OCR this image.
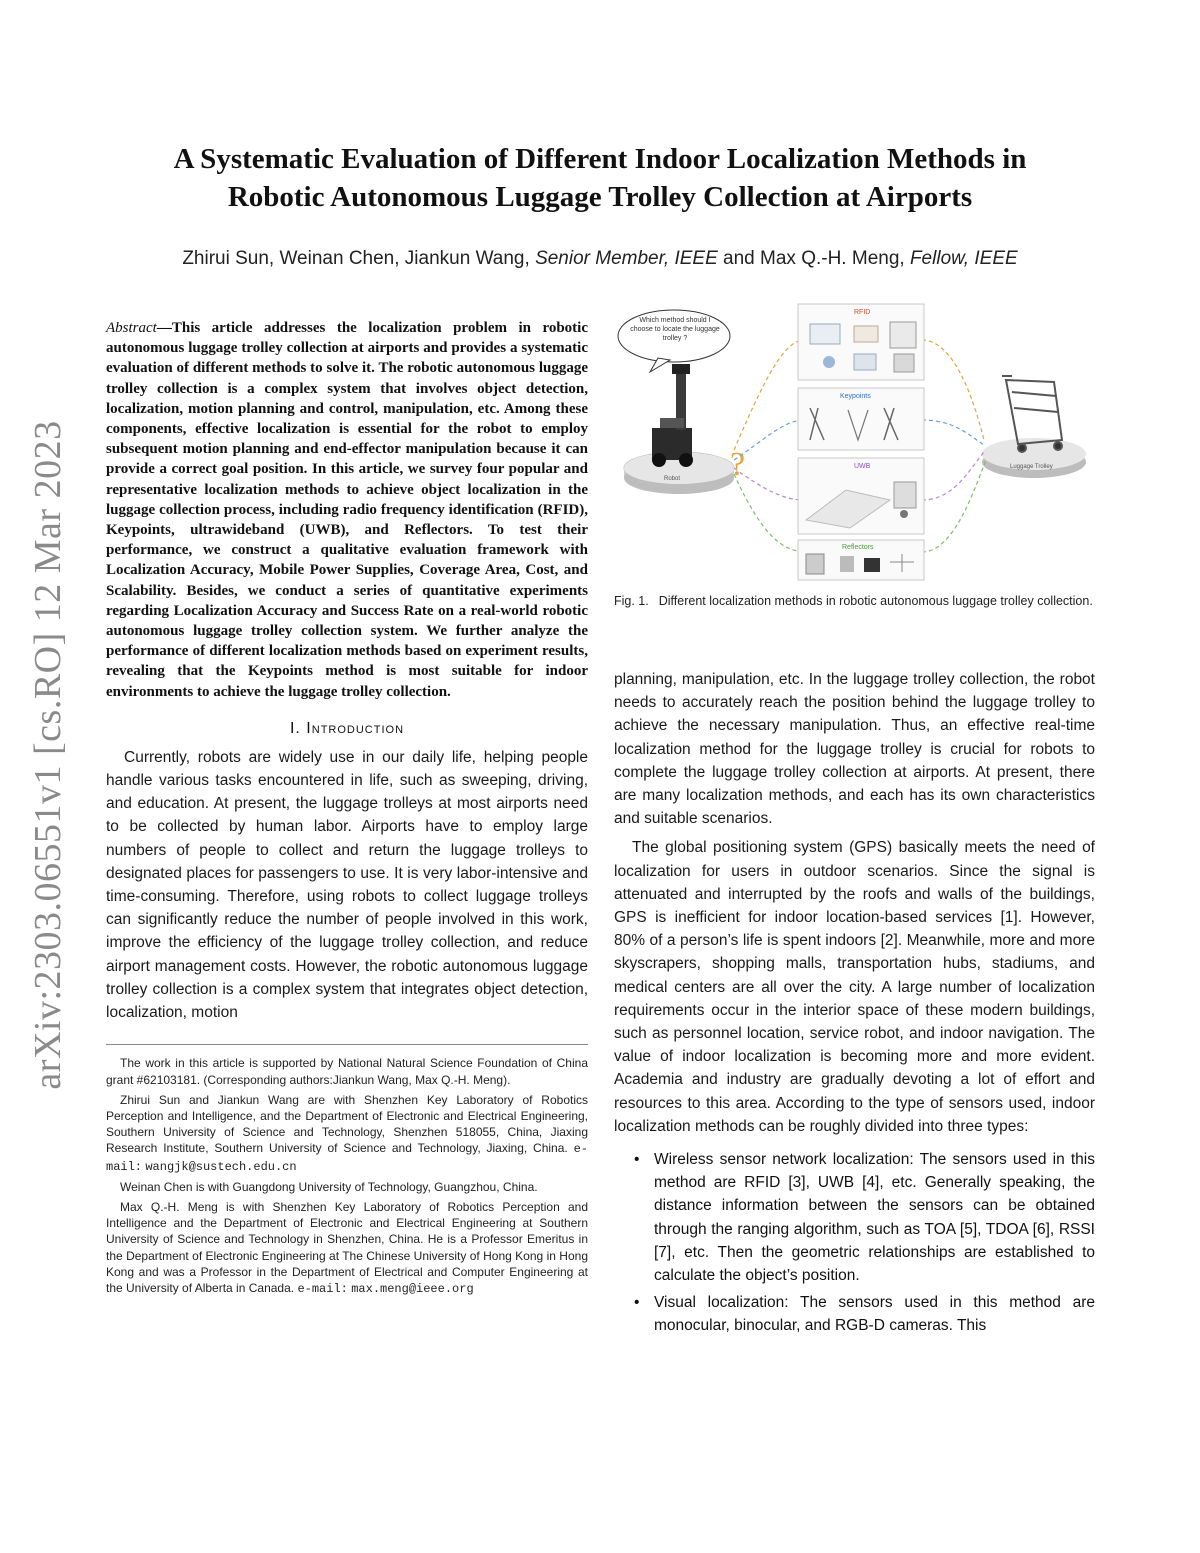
arXiv:2303.06551v1 [cs.RO] 12 Mar 2023
A Systematic Evaluation of Different Indoor Localization Methods in
Robotic Autonomous Luggage Trolley Collection at Airports
Zhirui Sun, Weinan Chen, Jiankun Wang, Senior Member, IEEE and Max Q.-H. Meng, Fellow, IEEE

Abstract—This article addresses the localization problem in robotic autonomous luggage trolley collection at airports and provides a systematic evaluation of different methods to solve it. The robotic autonomous luggage trolley collection is a complex system that involves object detection, localization, motion planning and control, manipulation, etc. Among these components, effective localization is essential for the robot to employ subsequent motion planning and end-effector manipulation because it can provide a correct goal position. In this article, we survey four popular and representative localization methods to achieve object localization in the luggage collection process, including radio frequency identification (RFID), Keypoints, ultrawideband (UWB), and Reflectors. To test their performance, we construct a qualitative evaluation framework with Localization Accuracy, Mobile Power Supplies, Coverage Area, Cost, and Scalability. Besides, we conduct a series of quantitative experiments regarding Localization Accuracy and Success Rate on a real-world robotic autonomous luggage trolley collection system. We further analyze the performance of different localization methods based on experiment results, revealing that the Keypoints method is most suitable for indoor environments to achieve the luggage trolley collection.

I. Introduction

Currently, robots are widely use in our daily life, helping people handle various tasks encountered in life, such as sweeping, driving, and education. At present, the luggage trolleys at most airports need to be collected by human labor. Airports have to employ large numbers of people to collect and return the luggage trolleys to designated places for passengers to use. It is very labor-intensive and time-consuming. Therefore, using robots to collect luggage trolleys can significantly reduce the number of people involved in this work, improve the efficiency of the luggage trolley collection, and reduce airport management costs. However, the robotic autonomous luggage trolley collection is a complex system that integrates object detection, localization, motion

The work in this article is supported by National Natural Science Foundation of China grant #62103181. (Corresponding authors:Jiankun Wang, Max Q.-H. Meng).

Zhirui Sun and Jiankun Wang are with Shenzhen Key Laboratory of Robotics Perception and Intelligence, and the Department of Electronic and Electrical Engineering, Southern University of Science and Technology, Shenzhen 518055, China, Jiaxing Research Institute, Southern University of Science and Technology, Jiaxing, China. e-mail: wangjk@sustech.edu.cn

Weinan Chen is with Guangdong University of Technology, Guangzhou, China.

Max Q.-H. Meng is with Shenzhen Key Laboratory of Robotics Perception and Intelligence and the Department of Electronic and Electrical Engineering at Southern University of Science and Technology in Shenzhen, China. He is a Professor Emeritus in the Department of Electronic Engineering at The Chinese University of Hong Kong in Hong Kong and was a Professor in the Department of Electrical and Computer Engineering at the University of Alberta in Canada. e-mail: max.meng@ieee.org

Which method should I choose to locate the luggage trolley ?
Robot
Luggage Trolley
?
RFID
Keypoints
UWB
Reflectors
Fig. 1. Different localization methods in robotic autonomous luggage trolley collection.

planning, manipulation, etc. In the luggage trolley collection, the robot needs to accurately reach the position behind the luggage trolley to achieve the necessary manipulation. Thus, an effective real-time localization method for the luggage trolley is crucial for robots to complete the luggage trolley collection at airports. At present, there are many localization methods, and each has its own characteristics and suitable scenarios.

The global positioning system (GPS) basically meets the need of localization for users in outdoor scenarios. Since the signal is attenuated and interrupted by the roofs and walls of the buildings, GPS is inefficient for indoor location-based services [1]. However, 80% of a person’s life is spent indoors [2]. Meanwhile, more and more skyscrapers, shopping malls, transportation hubs, stadiums, and medical centers are all over the city. A large number of localization requirements occur in the interior space of these modern buildings, such as personnel location, service robot, and indoor navigation. The value of indoor localization is becoming more and more evident. Academia and industry are gradually devoting a lot of effort and resources to this area. According to the type of sensors used, indoor localization methods can be roughly divided into three types:

• Wireless sensor network localization: The sensors used in this method are RFID [3], UWB [4], etc. Generally speaking, the distance information between the sensors can be obtained through the ranging algorithm, such as TOA [5], TDOA [6], RSSI [7], etc. Then the geometric relationships are established to calculate the object’s position.
• Visual localization: The sensors used in this method are monocular, binocular, and RGB-D cameras. This
